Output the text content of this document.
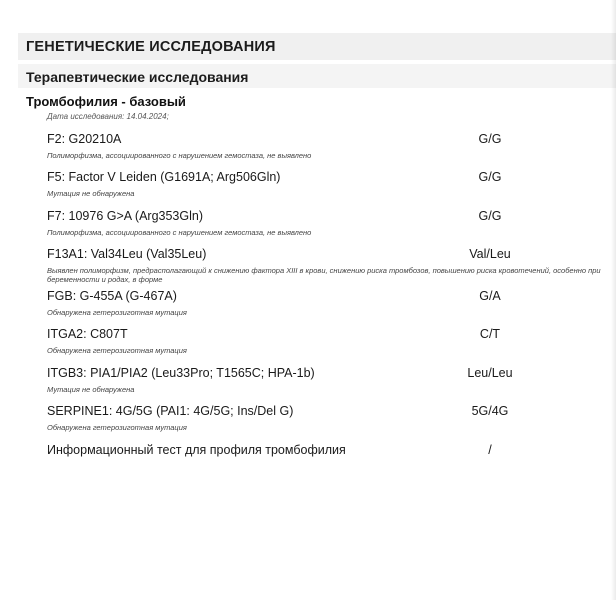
ГЕНЕТИЧЕСКИЕ ИССЛЕДОВАНИЯ
Терапевтические исследования
Тромбофилия - базовый
Дата исследования: 14.04.2024;
F2: G20210A	G/G
Полиморфизма, ассоциированного с нарушением гемостаза, не выявлено
F5: Factor V Leiden (G1691A; Arg506Gln)	G/G
Мутация не обнаружена
F7: 10976 G>A (Arg353Gln)	G/G
Полиморфизма, ассоциированного с нарушением гемостаза, не выявлено
F13A1: Val34Leu (Val35Leu)	Val/Leu
Выявлен полиморфизм, предрасполагающий к снижению фактора XIII в крови, снижению риска тромбозов, повышению риска кровотечений, особенно при беременности и родах, в форме
FGB: G-455A (G-467A)	G/A
Обнаружена гетерозиготная мутация
ITGA2: C807T	C/T
Обнаружена гетерозиготная мутация
ITGB3: PIA1/PIA2 (Leu33Pro; T1565C; HPA-1b)	Leu/Leu
Мутация не обнаружена
SERPINE1: 4G/5G (PAI1: 4G/5G; Ins/Del G)	5G/4G
Обнаружена гетерозиготная мутация
Информационный тест для профиля тромбофилия	/
